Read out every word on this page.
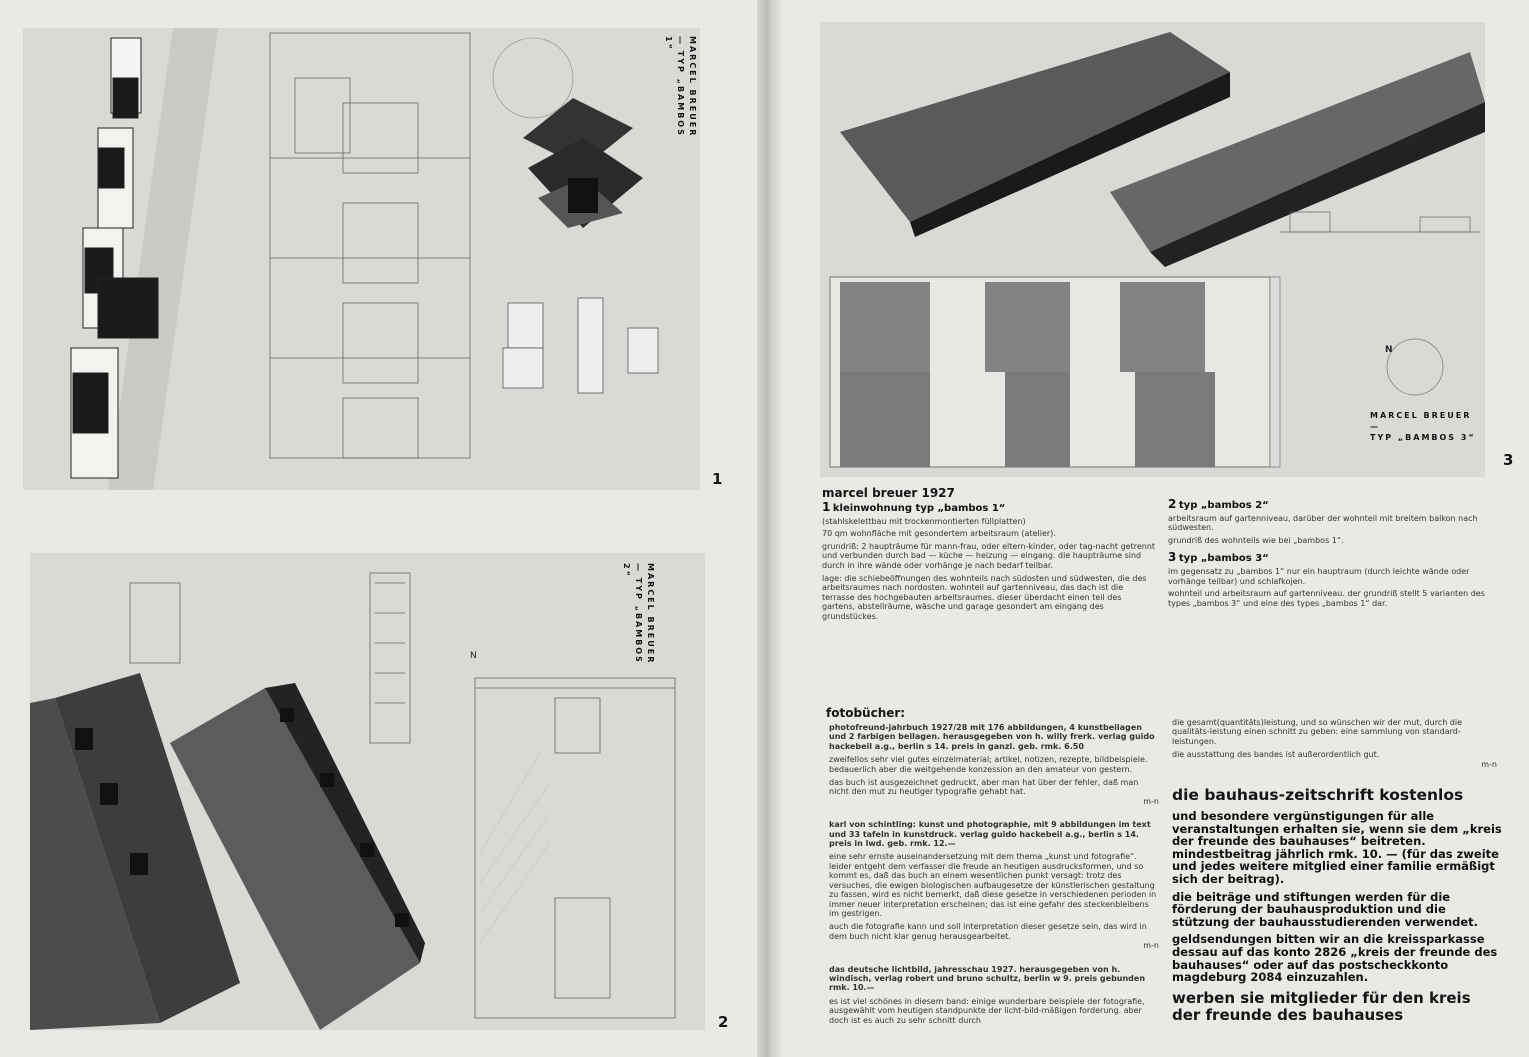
MARCEL BREUER — TYP „BAMBOS 1“
1
N	MARCEL BREUER — TYP „BAMBOS 2“
2
N
MARCEL BREUER
—
TYP „BAMBOS 3“
3
marcel breuer 1927
1 kleinwohnung typ „bambos 1“

(stahlskelettbau mit trockenmontierten füllplatten)

70 qm wohnfläche mit gesondertem arbeitsraum (atelier).

grundriß: 2 haupträume für mann-frau, oder eltern-kinder, oder tag-nacht getrennt und verbunden durch bad — küche — heizung — eingang. die haupträume sind durch in ihre wände oder vorhänge je nach bedarf teilbar.

lage: die schiebeöffnungen des wohnteils nach südosten und südwesten, die des arbeitsraumes nach nordosten. wohnteil auf gartenniveau, das dach ist die terrasse des hochgebauten arbeitsraumes. dieser überdacht einen teil des gartens, abstellräume, wäsche und garage gesondert am eingang des grundstückes.

2 typ „bambos 2“

arbeitsraum auf gartenniveau, darüber der wohnteil mit breitem balkon nach südwesten.

grundriß des wohnteils wie bei „bambos 1“.

3 typ „bambos 3“

im gegensatz zu „bambos 1“ nur ein hauptraum (durch leichte wände oder vorhänge teilbar) und schlafkojen.

wohnteil und arbeitsraum auf gartenniveau. der grundriß stellt 5 varianten des types „bambos 3“ und eine des types „bambos 1“ dar.

fotobücher:

photofreund-jahrbuch 1927/28 mit 176 abbildungen, 4 kunstbeilagen und 2 farbigen beilagen. herausgegeben von h. willy frerk. verlag guido hackebeil a.g., berlin s 14. preis in ganzl. geb. rmk. 6.50

zweifellos sehr viel gutes einzelmaterial; artikel, notizen, rezepte, bildbeispiele. bedauerlich aber die weitgehende konzession an den amateur von gestern.

das buch ist ausgezeichnet gedruckt, aber man hat über der fehler, daß man nicht den mut zu heutiger typografie gehabt hat.

m-n

karl von schintling: kunst und photographie, mit 9 abbildungen im text und 33 tafeln in kunstdruck. verlag guido hackebeil a.g., berlin s 14. preis in lwd. geb. rmk. 12.—

eine sehr ernste auseinandersetzung mit dem thema „kunst und fotografie“. leider entgeht dem verfasser die freude an heutigen ausdrucksformen, und so kommt es, daß das buch an einem wesentlichen punkt versagt: trotz des versuches, die ewigen biologischen aufbaugesetze der künstlerischen gestaltung zu fassen, wird es nicht bemerkt, daß diese gesetze in verschiedenen perioden in immer neuer interpretation erscheinen; das ist eine gefahr des steckenbleibens im gestrigen.

auch die fotografie kann und soll interpretation dieser gesetze sein, das wird in dem buch nicht klar genug herausgearbeitet.

m-n

das deutsche lichtbild, jahresschau 1927. herausgegeben von h. windisch, verlag robert und bruno schultz, berlin w 9. preis gebunden rmk. 10.—

es ist viel schönes in diesem band: einige wunderbare beispiele der fotografie, ausgewählt vom heutigen standpunkte der licht-bild-mäßigen forderung. aber doch ist es auch zu sehr schnitt durch

die gesamt(quantitäts)leistung, und so wünschen wir der mut, durch die qualitäts-leistung einen schnitt zu geben: eine sammlung von standard-leistungen.

die ausstattung des bandes ist außerordentlich gut.

m-n
die bauhaus-zeitschrift kostenlos

und besondere vergünstigungen für alle veranstaltungen erhalten sie, wenn sie dem „kreis der freunde des bauhauses“ beitreten. mindestbeitrag jährlich rmk. 10. — (für das zweite und jedes weitere mitglied einer familie ermäßigt sich der beitrag).

die beiträge und stiftungen werden für die förderung der bauhausproduktion und die stützung der bauhausstudierenden verwendet.

geldsendungen bitten wir an die kreissparkasse dessau auf das konto 2826 „kreis der freunde des bauhauses“ oder auf das postscheckkonto magdeburg 2084 einzuzahlen.

werben sie mitglieder für den kreis der freunde des bauhauses
